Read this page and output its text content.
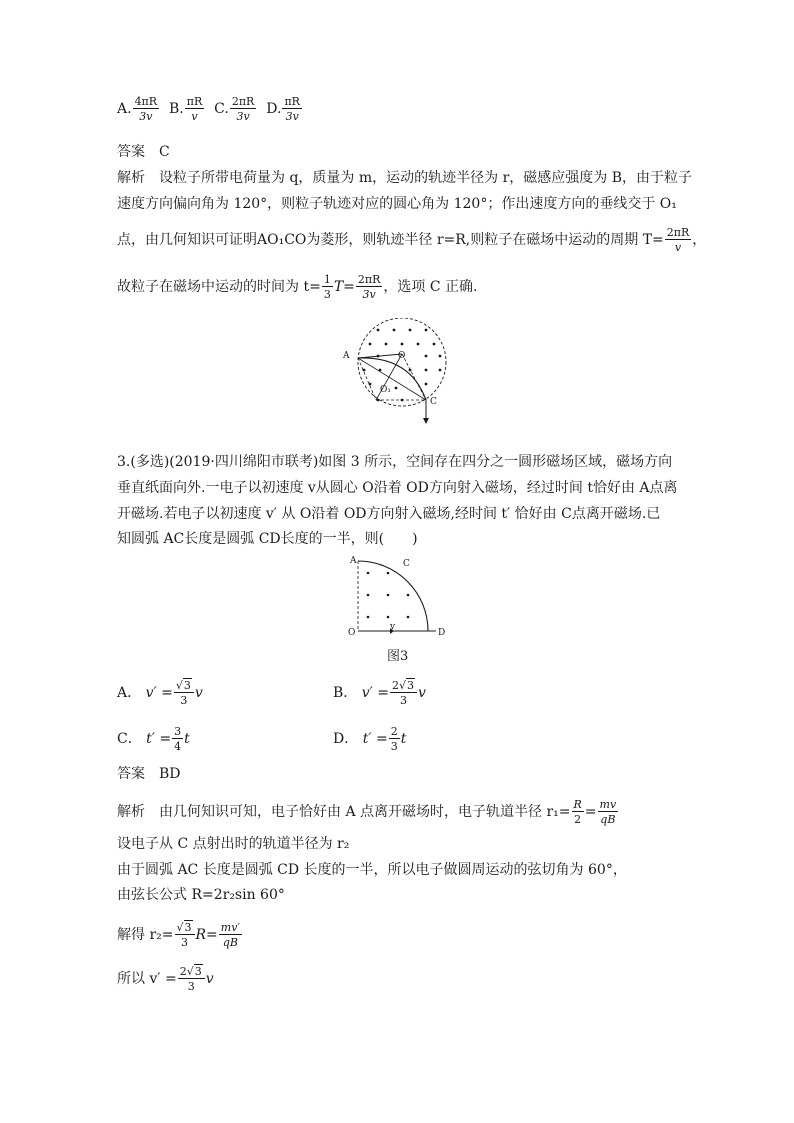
A. $\frac{4\pi R}{3v} B$. $\frac{\pi R}{v} C$. $\frac{2\pi R}{3v} D$. $\frac{\pi R}{3v}$
答案　C
解析　设粒子所带电荷量为 q，质量为 m，运动的轨迹半径为 r，磁感应强度为 B，由于粒子
速度方向偏向角为 120°，则粒子轨迹对应的圆心角为 120°；作出速度方向的垂线交于 O₁
点，由几何知识可证明AO₁CO为菱形，则轨迹半径 r=R,则粒子在磁场中运动的周期 $T= \frac{2\pi R}{v}$ ，
故粒子在磁场中运动的时间为 $t= \frac{1}{3} T= \frac{2\pi R}{3v}$ ，选项 C 正确.
A	O
O₁
C
3.(多选)(2019·四川绵阳市联考)如图 3 所示，空间存在四分之一圆形磁场区域，磁场方向
垂直纸面向外.一电子以初速度 v从圆心 O沿着 OD方向射入磁场，经过时间 t恰好由 A点离
开磁场.若电子以初速度 v′ 从 O沿着 OD方向射入磁场,经时间 t′ 恰好由 C点离开磁场.已
知圆弧 AC长度是圆弧 CD长度的一半，则(　　)
A	C
O
v
D
图3
A． $v' = \frac{√3}{3}$ v	B． $v' = \frac{2√3}{3}$ v
C． $t' = \frac{3}{4}$ t	D． $t' = \frac{2}{3}$ t
答案　BD
解析　由几何知识可知，电子恰好由 A 点离开磁场时，电子轨道半径 $r_1= \frac{R}{2} = \frac{mv}{qB}$
设电子从 C 点射出时的轨道半径为 r₂
由于圆弧 AC 长度是圆弧 CD 长度的一半，所以电子做圆周运动的弦切角为 60°，
由弦长公式 R=2r₂sin 60°
解得 $r_2= \frac{√3}{3} R= \frac{mv'}{qB}$
所以 $v' = \frac{2√3}{3}$ v
